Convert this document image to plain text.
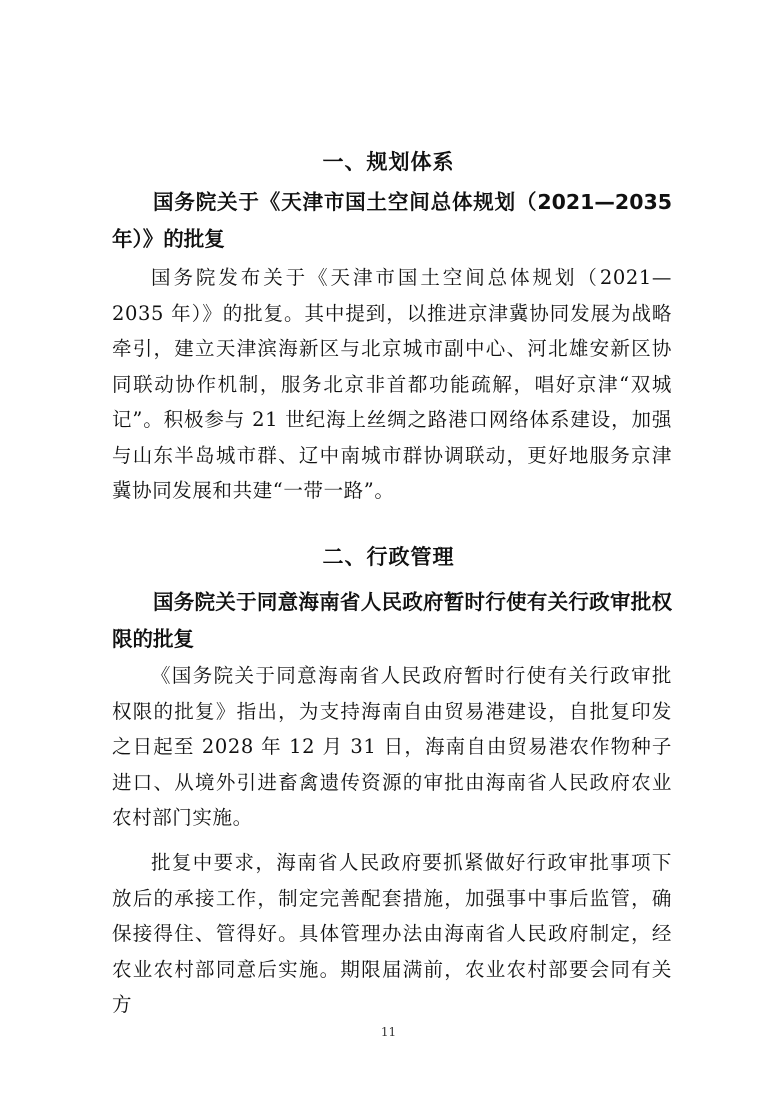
一、规划体系
国务院关于《天津市国土空间总体规划（2021—2035 年）》的批复

国务院发布关于《天津市国土空间总体规划（2021—2035 年）》的批复。其中提到，以推进京津冀协同发展为战略牵引，建立天津滨海新区与北京城市副中心、河北雄安新区协同联动协作机制，服务北京非首都功能疏解，唱好京津“双城记”。积极参与 21 世纪海上丝绸之路港口网络体系建设，加强与山东半岛城市群、辽中南城市群协调联动，更好地服务京津冀协同发展和共建“一带一路”。

二、行政管理
国务院关于同意海南省人民政府暂时行使有关行政审批权限的批复

《国务院关于同意海南省人民政府暂时行使有关行政审批权限的批复》指出，为支持海南自由贸易港建设，自批复印发之日起至 2028 年 12 月 31 日，海南自由贸易港农作物种子进口、从境外引进畜禽遗传资源的审批由海南省人民政府农业农村部门实施。

批复中要求，海南省人民政府要抓紧做好行政审批事项下放后的承接工作，制定完善配套措施，加强事中事后监管，确保接得住、管得好。具体管理办法由海南省人民政府制定，经农业农村部同意后实施。期限届满前，农业农村部要会同有关方

11
